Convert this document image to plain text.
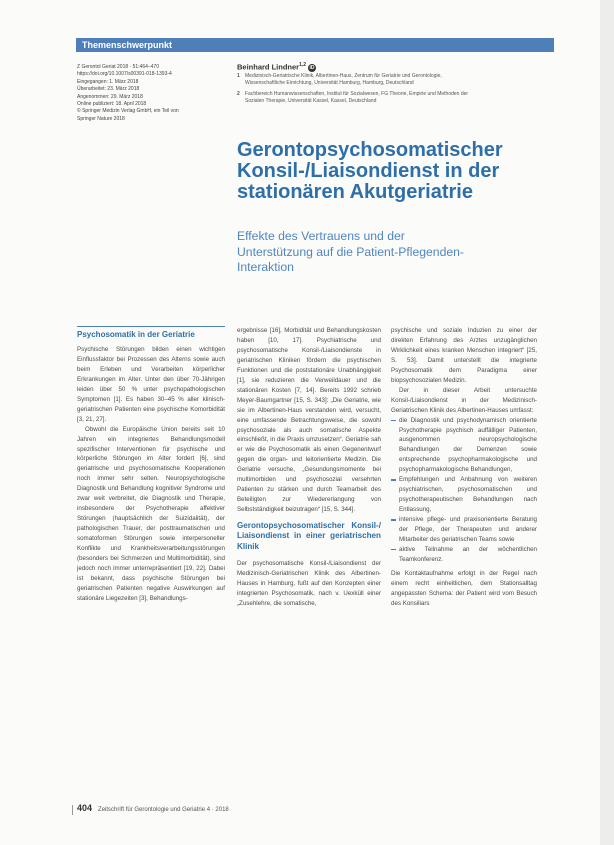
Themenschwerpunkt
Z Gerontol Geriat 2018 · 51:464–470
https://doi.org/10.1007/s00391-018-1393-4
Eingegangen: 1. März 2018
Überarbeitet: 23. März 2018
Angenommen: 29. März 2018
Online publiziert: 18. April 2018
© Springer Medizin Verlag GmbH, ein Teil von
Springer Nature 2018
Beinhard Lindner$^{1,2}$ iD
1 Medizinisch-Geriatrische Klinik, Albertinen-Haus, Zentrum für Geriatrie und Gerontologie,
Wissenschaftliche Einrichtung, Universität Hamburg, Hamburg, Deutschland
2 Fachbereich Humanwissenschaften, Institut für Sozialwesen, FG Theorie, Empirie und Methoden der
Sozialen Therapie, Universität Kassel, Kassel, Deutschland
Gerontopsychosomatischer
Konsil-/Liaisondienst in der
stationären Akutgeriatrie
Effekte des Vertrauens und der
Unterstützung auf die Patient-Pflegenden-
Interaktion
Psychosomatik in der Geriatrie

Psychische Störungen bilden einen wichtigen Einflussfaktor bei Prozessen des Alterns sowie auch beim Erleben und Verarbeiten körperlicher Erkrankungen im Alter. Unter den über 70-Jährigen leiden über 50 % unter psychopathologischen Symptomen [1]. Es haben 30–45 % aller klinisch-geriatrischen Patienten eine psychische Komorbidität [3, 21, 27].

Obwohl die Europäische Union bereits seit 10 Jahren ein integriertes Behandlungsmodell spezifischer Interventionen für psychische und körperliche Störungen im Alter fordert [6], sind geriatrische und psychosomatische Kooperationen noch immer sehr selten. Neuropsychologische Diagnostik und Behandlung kognitiver Syndrome und zwar weit verbreitet, die Diagnostik und Therapie, insbesondere der Psychotherapie affektiver Störungen (hauptsächlich der Suizidalität), der pathologischen Trauer, der posttraumatischen und somatoformen Störungen sowie interpersoneller Konflikte und Krankheitsverarbeitungsstörungen (besonders bei Schmerzen und Multimorbidität), sind jedoch noch immer unterrepräsentiert [19, 22]. Dabei ist bekannt, dass psychische Störungen bei geriatrischen Patienten negative Auswirkungen auf stationäre Liegezeiten [3], Behandlungs-

ergebnisse [16], Morbidität und Behandlungskosten haben [10, 17]. Psychiatrische und psychosomatische Konsil-/Liaisondienste in geriatrischen Kliniken fördern die psychischen Funktionen und die poststationäre Unabhängigkeit [1], sie reduzieren die Verweildauer und die stationären Kosten [7, 14]. Bereits 1992 schrieb Meyer-Baumgartner [15, S. 343]: „Die Geriatrie, wie sie im Albertinen-Haus verstanden wird, versucht, eine umfassende Betrachtungsweise, die sowohl psychosoziale als auch somatische Aspekte einschließt, in die Praxis umzusetzen“. Geriatrie sah er wie die Psychosomatik als einen Gegenentwurf gegen die organ- und leitorientierte Medizin. Die Geriatrie versuche, „Gesundungsmomente bei multimorbiden und psychosozial versehrten Patienten zu stärken und durch Teamarbeit des Beteiligten zur Wiedererlangung von Selbstständigkeit beizutragen“ [15, S. 344].

Gerontopsychosomatischer Konsil-/ Liaisondienst in einer geriatrischen Klinik

Der psychosomatische Konsil-/Liaisondienst der Medizinisch-Geriatrischen Klinik des Albertinen-Hauses in Hamburg, fußt auf den Konzepten einer integrierten Psychosomatik, nach v. Uexküll einer „Zusehlehre, die somatische,

psychische und soziale Induzien zu einer der direkten Erfahrung des Arztes unzugänglichen Wirklichkeit eines kranken Menschen integriert“ [25, S. 53]. Damit unterstellt die integrierte Psychosomatik dem Paradigma einer biopsychosozialen Medizin.

Der in dieser Arbeit untersuchte Konsil-/Liaisondienst in der Medizinisch-Geriatrischen Klinik des Albertinen-Hauses umfasst:

die Diagnostik und psychodynamisch orientierte Psychotherapie psychisch auffälliger Patienten, ausgenommen neuropsychologische Behandlungen der Demenzen sowie entsprechende psychopharmakologische und psychopharmakologische Behandlungen,
Empfehlungen und Anbahnung von weiteren psychiatrischen, psychosomatischen und psychotherapeutischen Behandlungen nach Entlassung,
intensive pflege- und praxisorientierte Beratung der Pflege, der Therapeuten und anderer Mitarbeiter des geriatrischen Teams sowie
aktive Teilnahme an der wöchentlichen Teamkonferenz.

Die Kontaktaufnahme erfolgt in der Regel nach einem recht einheitlichen, dem Stationsalltag angepassten Schema: der Patient wird vom Besuch des Konsiliars

404 Zeitschrift für Gerontologie und Geriatrie 4 · 2018
